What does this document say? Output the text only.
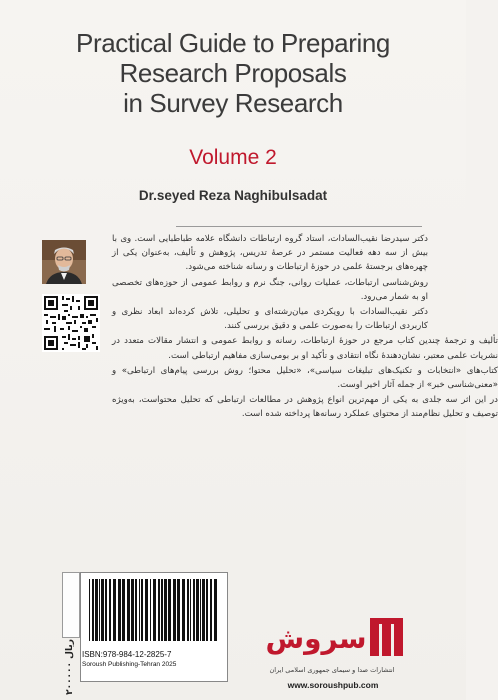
Practical Guide to Preparing
Research Proposals
in Survey Research
Volume 2
Dr.seyed Reza Naghibulsadat

دکتر سیدرضا نقیب‌السادات، استاد گروه ارتباطات دانشگاه علامه طباطبایی است. وی با بیش از سه دهه فعالیت مستمر در عرصهٔ تدریس، پژوهش و تألیف، به‌عنوان یکی از چهره‌های برجستهٔ علمی در حوزهٔ ارتباطات و رسانه شناخته می‌شود.

روش‌شناسی ارتباطات، عملیات روانی، جنگ نرم و روابط عمومی از حوزه‌های تخصصی او به شمار می‌رود.

دکتر نقیب‌السادات با رویکردی میان‌رشته‌ای و تحلیلی، تلاش کرده‌اند ابعاد نظری و کاربردی ارتباطات را به‌صورت علمی و دقیق بررسی کنند.

تألیف و ترجمهٔ چندین کتاب مرجع در حوزهٔ ارتباطات، رسانه و روابط عمومی و انتشار مقالات متعدد در نشریات علمی معتبر، نشان‌دهندهٔ نگاه انتقادی و تأکید او بر بومی‌سازی مفاهیم ارتباطی است.

کتاب‌های «انتخابات و تکنیک‌های تبلیغات سیاسی»، «تحلیل محتوا؛ روش بررسی پیام‌های ارتباطی» و «معنی‌شناسی خبر» از جمله آثار اخیر اوست.

در این اثر سه جلدی به یکی از مهم‌ترین انواع پژوهش در مطالعات ارتباطی که تحلیل محتواست، به‌ویژه توصیف و تحلیل نظام‌مند از محتوای عملکرد رسانه‌ها پرداخته شده است.

۲۰۰۰۰۰ ریال ISBN:978-984-12-2825-7
Soroush Publishing-Tehran 2025
سروش
انتشارات صدا و سیمای جمهوری اسلامی ایران
www.soroushpub.com
